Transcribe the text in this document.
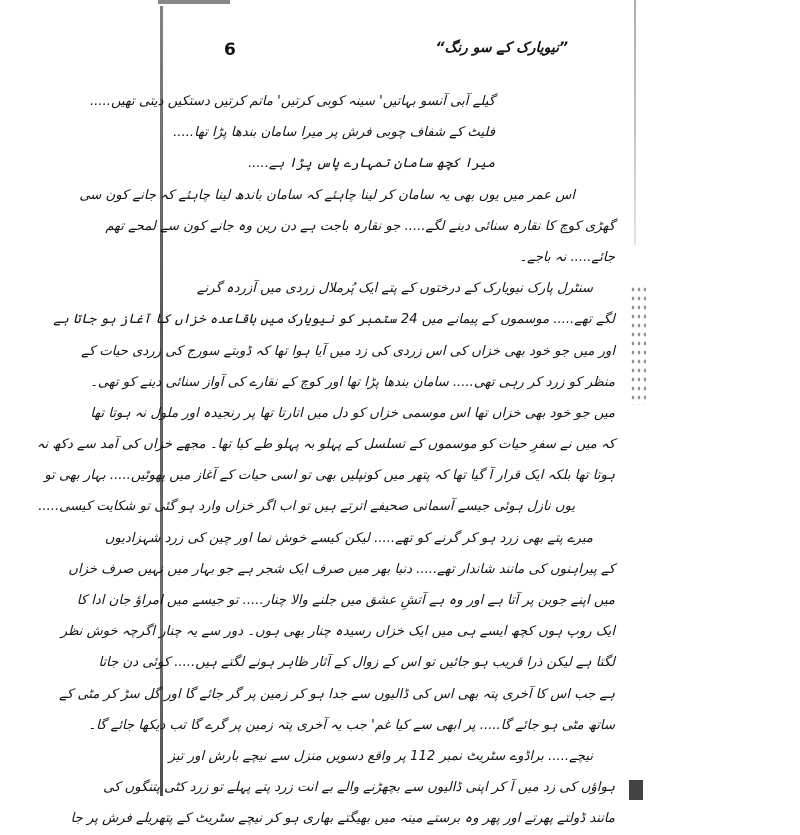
6	”نیویارک کے سو رنگ“
گیلے آبی آنسو بہاتیں' سینہ کوبی کرتیں' ماتم کرتیں دستکیں دیتی تھیں.....
فلیٹ کے شفاف چوبی فرش پر میرا سامان بندھا پڑا تھا.....
میرا کچھ سامان تمہارے پاس پڑا ہے.....
اس عمر میں یوں بھی یہ سامان کر لینا چاہئے کہ سامان باندھ لینا چاہئے کہ جانے کون سی
گھڑی کوچ کا نقارہ سنائی دینے لگے..... جو نقارہ باجت ہے دن رین وہ جانے کون سے لمحے تھم
جائے..... نہ باجے۔
سنٹرل پارک نیویارک کے درختوں کے پتے ایک پُرملال زردی میں آزردہ گرنے
لگے تھے..... موسموں کے پیمانے میں 24 ستمبر کو نیویارک میں باقاعدہ خزاں کا آغاز ہو جاتا ہے
اور میں جو خود بھی خزاں کی اس زردی کی زد میں آیا ہوا تھا کہ ڈوبتے سورج کی زردی حیات کے
منظر کو زرد کر رہی تھی..... سامان بندھا پڑا تھا اور کوچ کے نقارے کی آواز سنائی دینے کو تھی۔
میں جو خود بھی خزاں تھا اس موسمی خزاں کو دل میں اتارتا تھا پر رنجیدہ اور ملول نہ ہوتا تھا
کہ میں نے سفرِ حیات کو موسموں کے تسلسل کے پہلو بہ پہلو طے کیا تھا۔ مجھے خزاں کی آمد سے دکھ نہ
ہوتا تھا بلکہ ایک قرار آ گیا تھا کہ پتھر میں کونپلیں بھی تو اسی حیات کے آغاز میں پھوٹیں..... بہار بھی تو
یوں نازل ہوئی جیسے آسمانی صحیفے اترتے ہیں تو اب اگر خزاں وارد ہو گئی تو شکایت کیسی.....
میرے پتے بھی زرد ہو کر گرنے کو تھے..... لیکن کیسے خوش نما اور چین کی زرد شہزادیوں
کے پیراہنوں کی مانند شاندار تھے..... دنیا بھر میں صرف ایک شجر ہے جو بہار میں نہیں صرف خزاں
میں اپنے جوبن پر آتا ہے اور وہ ہے آتشِ عشق میں جلنے والا چنار..... تو جیسے میں امراؤ جان ادا کا
ایک روپ ہوں کچھ ایسے ہی میں ایک خزاں رسیدہ چنار بھی ہوں۔ دور سے یہ چنار اگرچہ خوش نظر
لگتا ہے لیکن ذرا قریب ہو جائیں تو اس کے زوال کے آثار ظاہر ہونے لگتے ہیں..... کوئی دن جاتا
ہے جب اس کا آخری پتہ بھی اس کی ڈالیوں سے جدا ہو کر زمین پر گر جائے گا اور گل سڑ کر مٹی کے
ساتھ مٹی ہو جائے گا..... پر ابھی سے کیا غم' جب یہ آخری پتہ زمین پر گرے گا تب دیکھا جائے گا۔
نیچے..... براڈوے سٹریٹ نمبر 112 پر واقع دسویں منزل سے نیچے بارش اور تیز
ہواؤں کی زد میں آ کر اپنی ڈالیوں سے بچھڑنے والے بے انت زرد پتے پہلے تو زرد کٹی پتنگوں کی
مانند ڈولتے پھرتے اور پھر وہ برستے مینہ میں بھیگتے بھاری ہو کر نیچے سٹریٹ کے پتھریلے فرش پر جا
